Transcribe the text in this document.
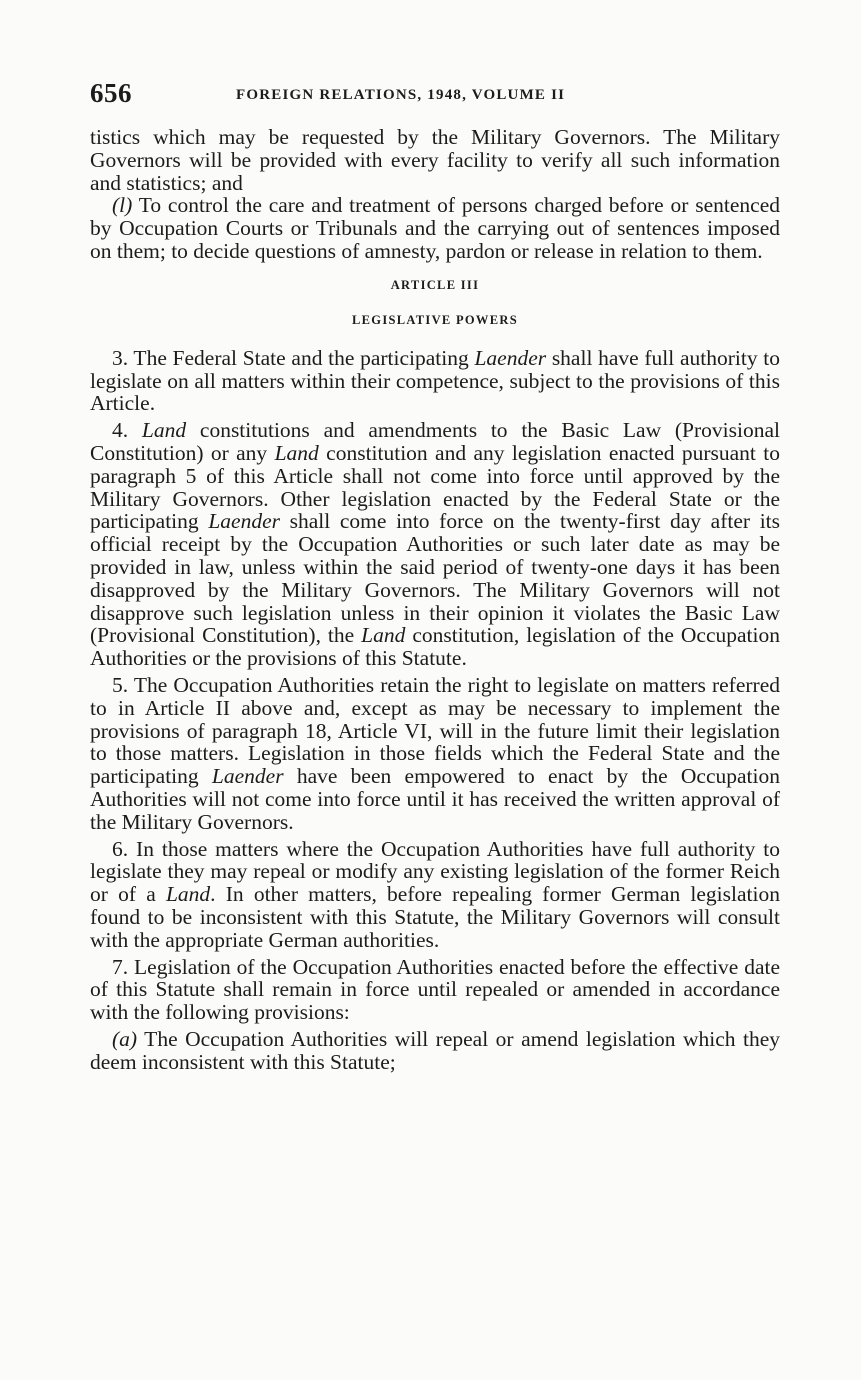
656	FOREIGN RELATIONS, 1948, VOLUME II

tistics which may be requested by the Military Governors. The Military Governors will be provided with every facility to verify all such information and statistics; and

(l) To control the care and treatment of persons charged before or sentenced by Occupation Courts or Tribunals and the carrying out of sentences imposed on them; to decide questions of amnesty, pardon or release in relation to them.

ARTICLE III
LEGISLATIVE POWERS

3. The Federal State and the participating Laender shall have full authority to legislate on all matters within their competence, subject to the provisions of this Article.

4. Land constitutions and amendments to the Basic Law (Provisional Constitution) or any Land constitution and any legislation enacted pursuant to paragraph 5 of this Article shall not come into force until approved by the Military Governors. Other legislation enacted by the Federal State or the participating Laender shall come into force on the twenty-first day after its official receipt by the Occupation Authorities or such later date as may be provided in law, unless within the said period of twenty-one days it has been disapproved by the Military Governors. The Military Governors will not disapprove such legislation unless in their opinion it violates the Basic Law (Provisional Constitution), the Land constitution, legislation of the Occupation Authorities or the provisions of this Statute.

5. The Occupation Authorities retain the right to legislate on matters referred to in Article II above and, except as may be necessary to implement the provisions of paragraph 18, Article VI, will in the future limit their legislation to those matters. Legislation in those fields which the Federal State and the participating Laender have been empowered to enact by the Occupation Authorities will not come into force until it has received the written approval of the Military Governors.

6. In those matters where the Occupation Authorities have full authority to legislate they may repeal or modify any existing legislation of the former Reich or of a Land. In other matters, before repealing former German legislation found to be inconsistent with this Statute, the Military Governors will consult with the appropriate German authorities.

7. Legislation of the Occupation Authorities enacted before the effective date of this Statute shall remain in force until repealed or amended in accordance with the following provisions:

(a) The Occupation Authorities will repeal or amend legislation which they deem inconsistent with this Statute;
